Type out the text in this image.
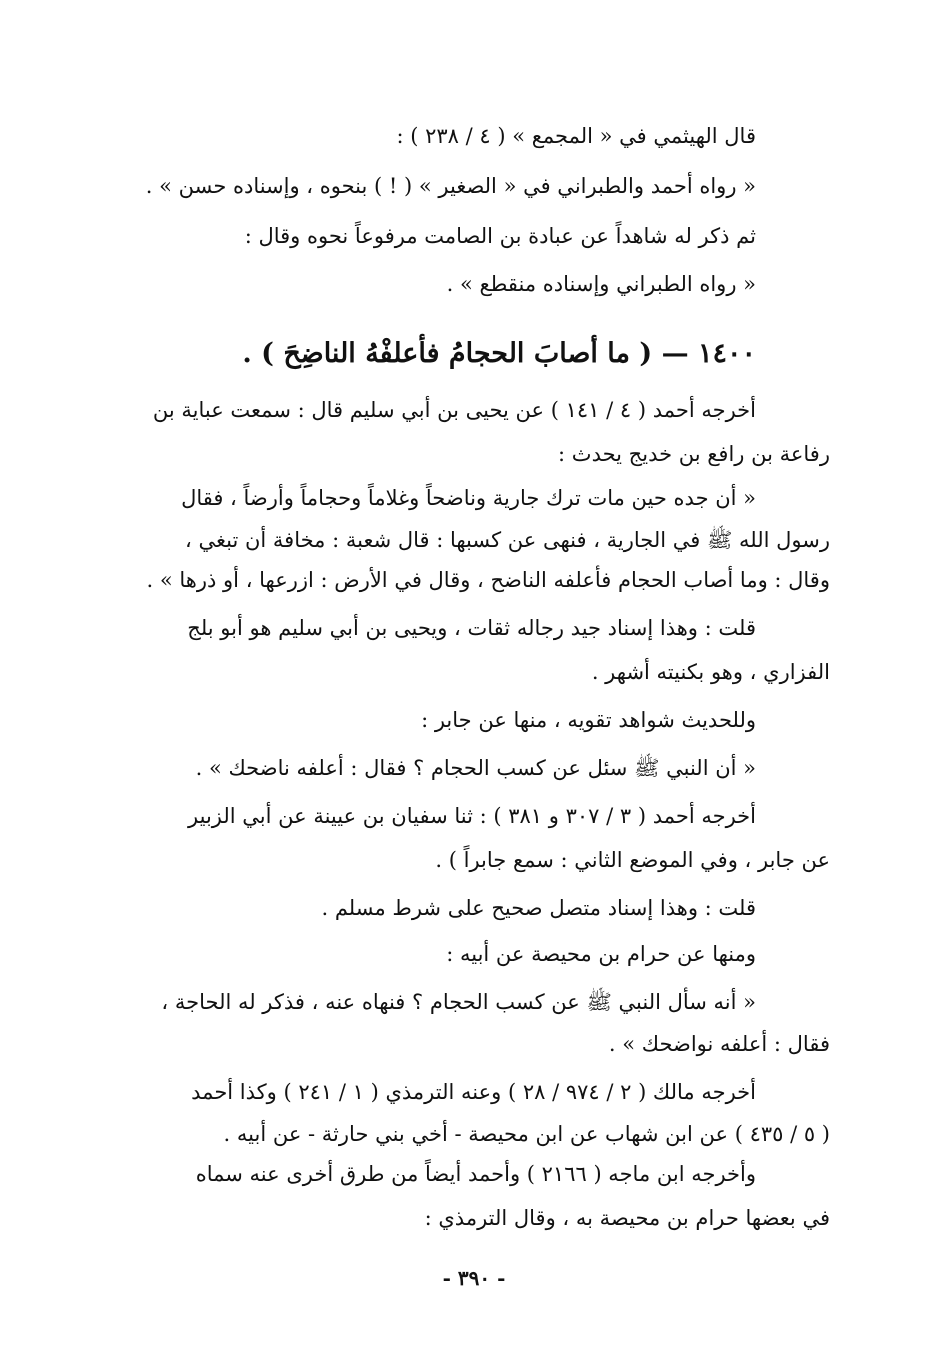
قال الهيثمي في « المجمع » ( ٤ / ٢٣٨ ) :

« رواه أحمد والطبراني في « الصغير » ( ! ) بنحوه ، وإسناده حسن » .

ثم ذكر له شاهداً عن عبادة بن الصامت مرفوعاً نحوه وقال :

« رواه الطبراني وإسناده منقطع » .

١٤٠٠ — ( ما أصابَ الحجامُ فأعلفْهُ الناضِحَ ) .

أخرجه أحمد ( ٤ / ١٤١ ) عن يحيى بن أبي سليم قال : سمعت عباية بن

رفاعة بن رافع بن خديج يحدث :

« أن جده حين مات ترك جارية وناضحاً وغلاماً وحجاماً وأرضاً ، فقال

رسول الله ﷺ في الجارية ، فنهى عن كسبها : قال شعبة : مخافة أن تبغي ،

وقال : وما أصاب الحجام فأعلفه الناضح ، وقال في الأرض : ازرعها ، أو ذرها » .

قلت : وهذا إسناد جيد رجاله ثقات ، ويحيى بن أبي سليم هو أبو بلج

الفزاري ، وهو بكنيته أشهر .

وللحديث شواهد تقويه ، منها عن جابر :

« أن النبي ﷺ سئل عن كسب الحجام ؟ فقال : أعلفه ناضحك » .

أخرجه أحمد ( ٣ / ٣٠٧ و ٣٨١ ) : ثنا سفيان بن عيينة عن أبي الزبير

عن جابر ، وفي الموضع الثاني : سمع جابراً ) .

قلت : وهذا إسناد متصل صحيح على شرط مسلم .

ومنها عن حرام بن محيصة عن أبيه :

« أنه سأل النبي ﷺ عن كسب الحجام ؟ فنهاه عنه ، فذكر له الحاجة ،

فقال : أعلفه نواضحك » .

أخرجه مالك ( ٢ / ٩٧٤ / ٢٨ ) وعنه الترمذي ( ١ / ٢٤١ ) وكذا أحمد

( ٥ / ٤٣٥ ) عن ابن شهاب عن ابن محيصة - أخي بني حارثة - عن أبيه .

وأخرجه ابن ماجه ( ٢١٦٦ ) وأحمد أيضاً من طرق أخرى عنه سماه

في بعضها حرام بن محيصة به ، وقال الترمذي :

- ٣٩٠ -
